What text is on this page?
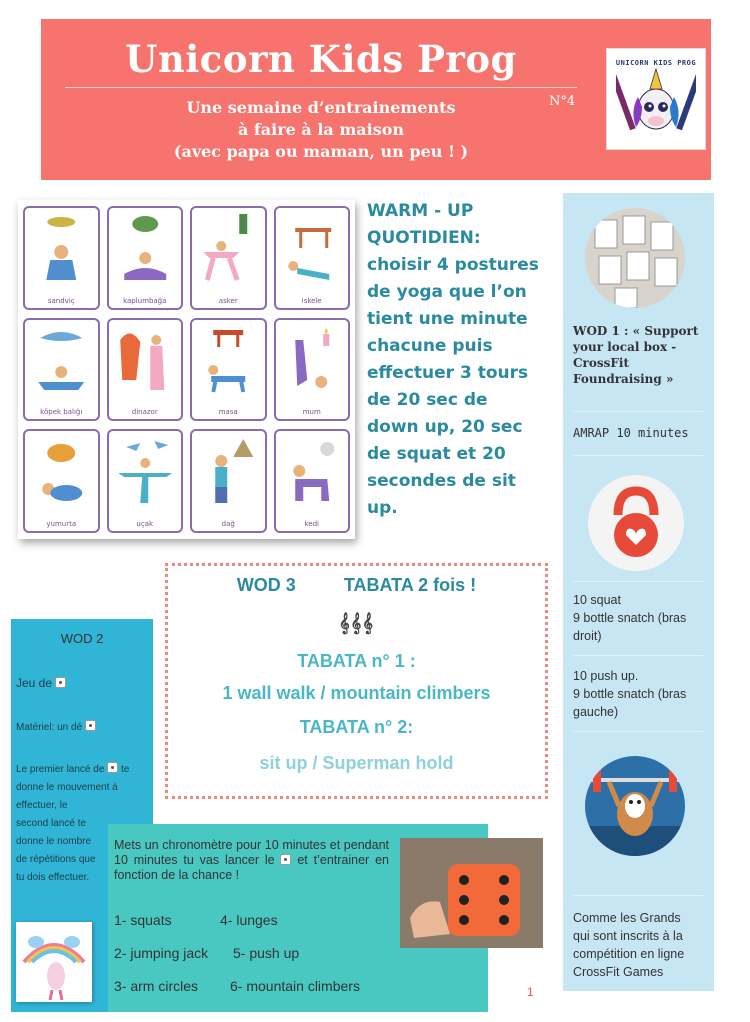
Unicorn Kids Prog
Une semaine d’entrainements
à faire à la maison
(avec papa ou maman, un peu ! )
N°4
UNICORN KIDS PROG
sandviç	kaplumbağa	asker	iskele
köpek balığı	dinazor	masa	mum
yumurta	uçak	dağ	kedi
WARM - UP
QUOTIDIEN:
choisir 4 postures
de yoga que l’on
tient une minute
chacune puis
effectuer 3 tours
de 20 sec de
down up, 20 sec
de squat et 20
secondes de sit
up.
WOD 1 : « Support
your local box -
CrossFit
Foundraising »
AMRAP 10 minutes
10 squat
9 bottle snatch (bras
droit)
10 push up.
9 bottle snatch (bras
gauche)
Comme les Grands
qui sont inscrits à la
compétition en ligne
CrossFit Games
WOD 3	TABATA 2 fois !
𝄞𝄞𝄞
TABATA n° 1 :
1 wall walk / mountain climbers
TABATA n° 2:
sit up / Superman hold
WOD 2
Jeu de
Matériel: un dé
Le premier lancé de  te
donne le mouvement à
effectuer, le
second lancé te
donne le nombre
de répétitions que
tu dois effectuer.
Mets un chronomètre pour 10 minutes et pendant 10 minutes tu vas lancer le et t’entrainer en fonction de la chance !
1- squats	4- lunges
2- jumping jack 5- push up
3- arm circles 6- mountain climbers	1
